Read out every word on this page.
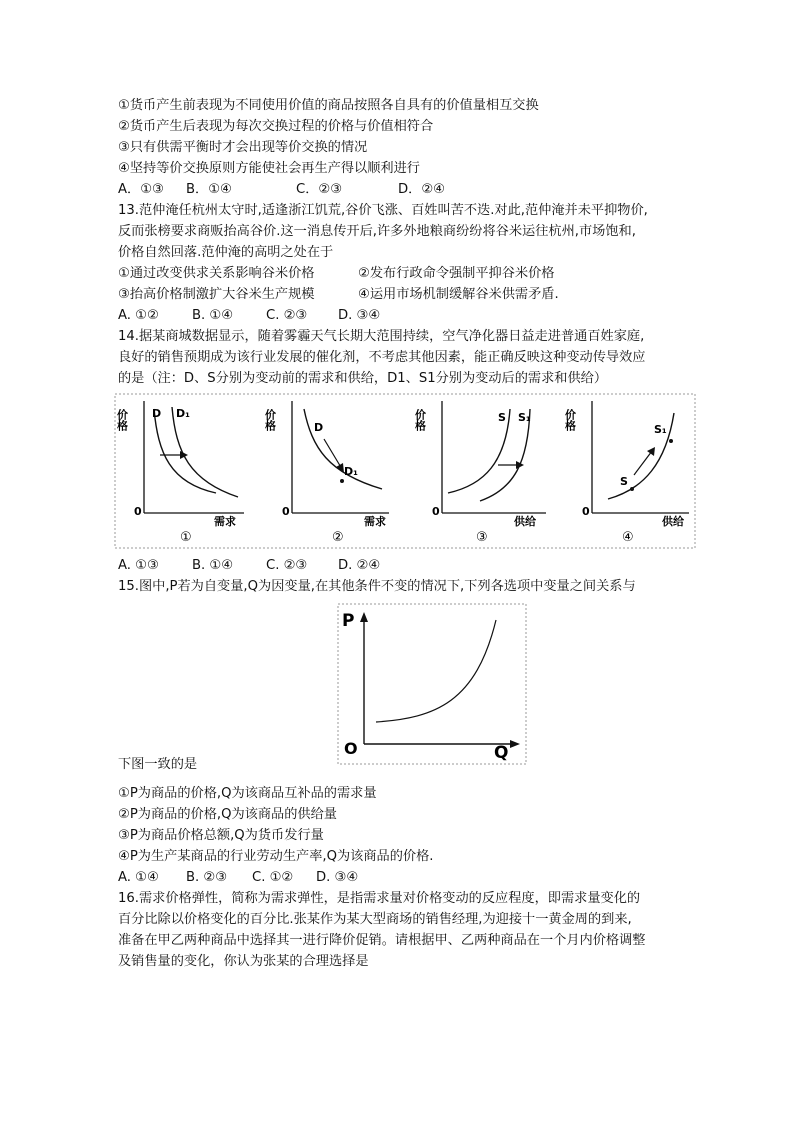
①货币产生前表现为不同使用价值的商品按照各自具有的价值量相互交换
②货币产生后表现为每次交换过程的价格与价值相符合
③只有供需平衡时才会出现等价交换的情况
④坚持等价交换原则方能使社会再生产得以顺利进行
A．①③ B．①④	C．②③	D．②④
13.范仲淹任杭州太守时,适逢浙江饥荒,谷价飞涨、百姓叫苦不迭.对此,范仲淹并未平抑物价,
反而张榜要求商贩抬高谷价.这一消息传开后,许多外地粮商纷纷将谷米运往杭州,市场饱和,
价格自然回落.范仲淹的高明之处在于
①通过改变供求关系影响谷米价格	②发布行政命令强制平抑谷米价格
③抬高价格制激扩大谷米生产规模	④运用市场机制缓解谷米供需矛盾.
A. ①②	B. ①④ C. ②③ D. ③④
14.据某商城数据显示，随着雾霾天气长期大范围持续，空气净化器日益走进普通百姓家庭,
良好的销售预期成为该行业发展的催化剂，不考虑其他因素，能正确反映这种变动传导效应
的是（注：D、S分别为变动前的需求和供给，D1、S1分别为变动后的需求和供给）
价格
0
需求
D D₁
①
价格
0
需求
D
D₁
②
价格
0
供给
S S₁
③
价格
0
供给
S
S₁
④
A. ①③	B. ①④ C. ②③ D. ②④
15.图中,P若为自变量,Q为因变量,在其他条件不变的情况下,下列各选项中变量之间关系与
P
Q
O
下图一致的是
①P为商品的价格,Q为该商品互补品的需求量
②P为商品的价格,Q为该商品的供给量
③P为商品价格总额,Q为货币发行量
④P为生产某商品的行业劳动生产率,Q为该商品的价格.
A. ①④ B. ②③ C. ①② D. ③④
16.需求价格弹性，简称为需求弹性，是指需求量对价格变动的反应程度，即需求量变化的
百分比除以价格变化的百分比.张某作为某大型商场的销售经理,为迎接十一黄金周的到来,
准备在甲乙两种商品中选择其一进行降价促销。请根据甲、乙两种商品在一个月内价格调整
及销售量的变化，你认为张某的合理选择是
